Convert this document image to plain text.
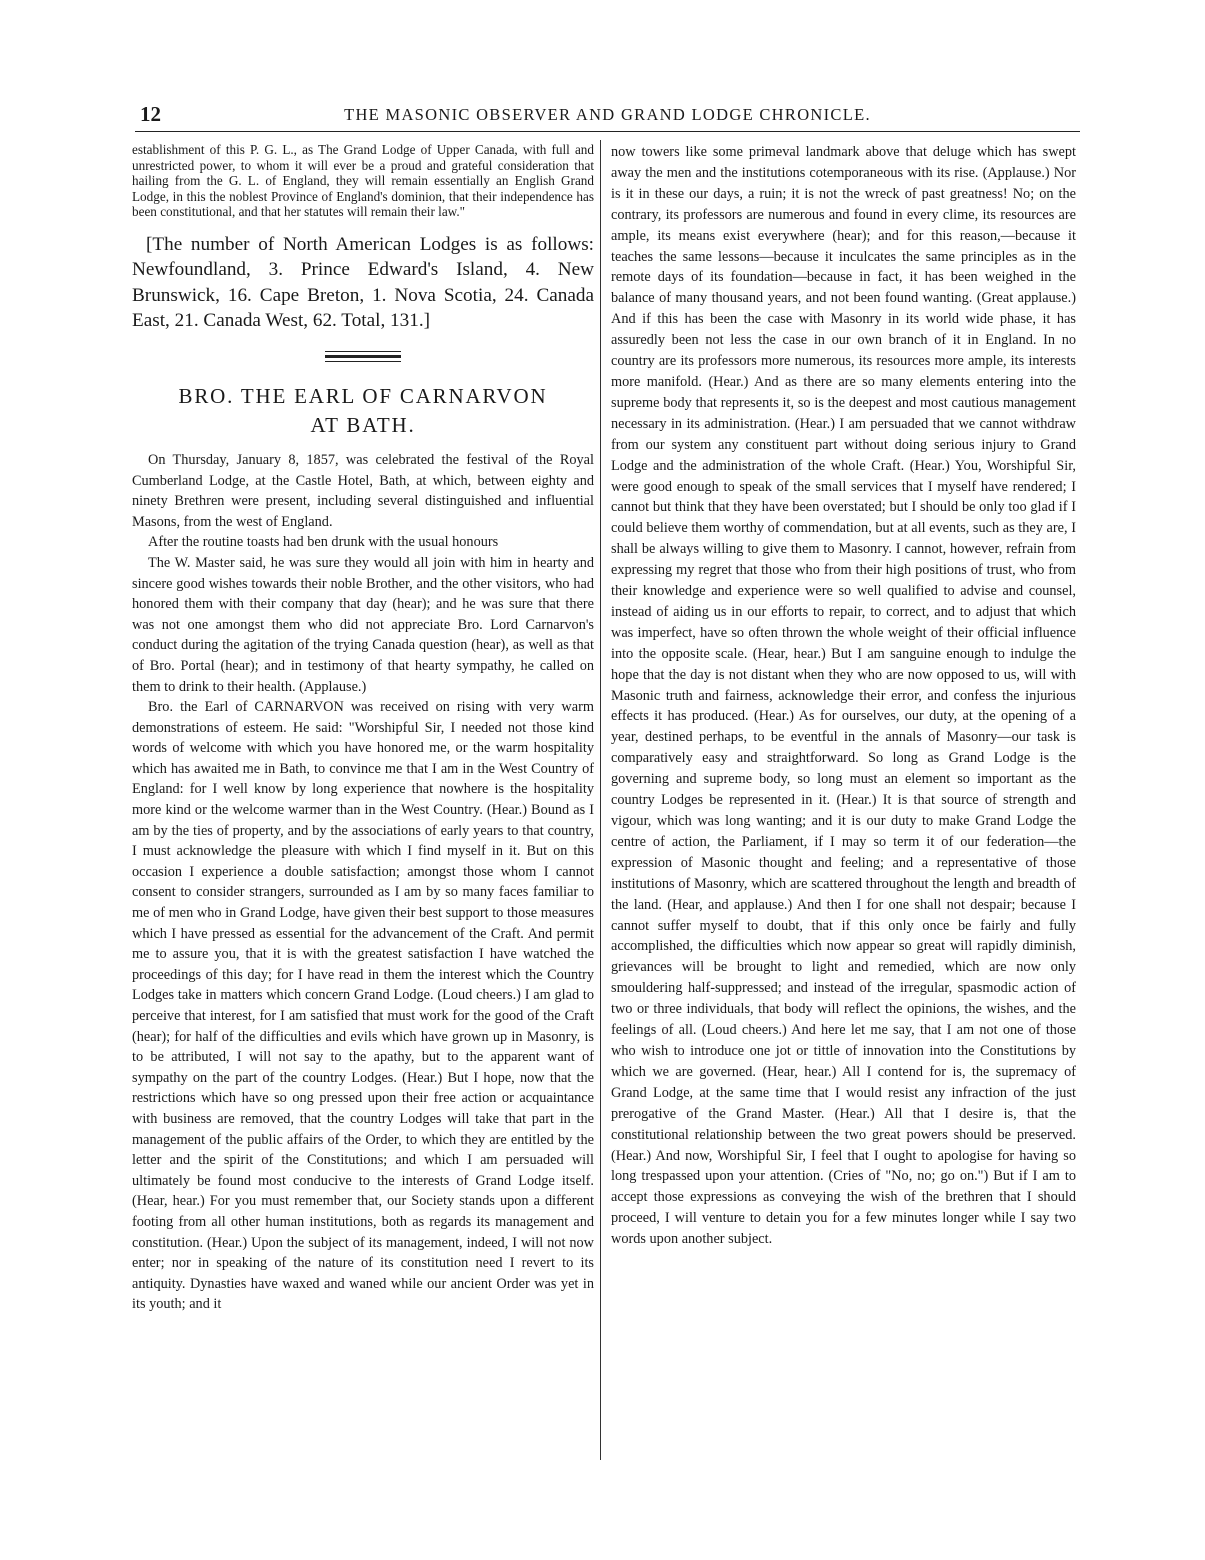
12	THE MASONIC OBSERVER AND GRAND LODGE CHRONICLE.

establishment of this P. G. L., as The Grand Lodge of Upper Canada, with full and unrestricted power, to whom it will ever be a proud and grateful consideration that hailing from the G. L. of England, they will remain essentially an English Grand Lodge, in this the noblest Province of England's dominion, that their independence has been constitutional, and that her statutes will remain their law."

[The number of North American Lodges is as follows: Newfoundland, 3. Prince Edward's Island, 4. New Brunswick, 16. Cape Breton, 1. Nova Scotia, 24. Canada East, 21. Canada West, 62. Total, 131.]

BRO. THE EARL OF CARNARVON
AT BATH.

On Thursday, January 8, 1857, was celebrated the festival of the Royal Cumberland Lodge, at the Castle Hotel, Bath, at which, between eighty and ninety Brethren were present, including several distinguished and influential Masons, from the west of England.

After the routine toasts had ben drunk with the usual honours

The W. Master said, he was sure they would all join with him in hearty and sincere good wishes towards their noble Brother, and the other visitors, who had honored them with their company that day (hear); and he was sure that there was not one amongst them who did not appreciate Bro. Lord Carnarvon's conduct during the agitation of the trying Canada question (hear), as well as that of Bro. Portal (hear); and in testimony of that hearty sympathy, he called on them to drink to their health. (Applause.)

Bro. the Earl of CARNARVON was received on rising with very warm demonstrations of esteem. He said: "Worshipful Sir, I needed not those kind words of welcome with which you have honored me, or the warm hospitality which has awaited me in Bath, to convince me that I am in the West Country of England: for I well know by long experience that nowhere is the hospitality more kind or the welcome warmer than in the West Country. (Hear.) Bound as I am by the ties of property, and by the associations of early years to that country, I must acknowledge the pleasure with which I find myself in it. But on this occasion I experience a double satisfaction; amongst those whom I cannot consent to consider strangers, surrounded as I am by so many faces familiar to me of men who in Grand Lodge, have given their best support to those measures which I have pressed as essential for the advancement of the Craft. And permit me to assure you, that it is with the greatest satisfaction I have watched the proceedings of this day; for I have read in them the interest which the Country Lodges take in matters which concern Grand Lodge. (Loud cheers.) I am glad to perceive that interest, for I am satisfied that must work for the good of the Craft (hear); for half of the difficulties and evils which have grown up in Masonry, is to be attributed, I will not say to the apathy, but to the apparent want of sympathy on the part of the country Lodges. (Hear.) But I hope, now that the restrictions which have so ong pressed upon their free action or acquaintance with business are removed, that the country Lodges will take that part in the management of the public affairs of the Order, to which they are entitled by the letter and the spirit of the Constitutions; and which I am persuaded will ultimately be found most conducive to the interests of Grand Lodge itself. (Hear, hear.) For you must remember that, our Society stands upon a different footing from all other human institutions, both as regards its management and constitution. (Hear.) Upon the subject of its management, indeed, I will not now enter; nor in speaking of the nature of its constitution need I revert to its antiquity. Dynasties have waxed and waned while our ancient Order was yet in its youth; and it

now towers like some primeval landmark above that deluge which has swept away the men and the institutions cotemporaneous with its rise. (Applause.) Nor is it in these our days, a ruin; it is not the wreck of past greatness! No; on the contrary, its professors are numerous and found in every clime, its resources are ample, its means exist everywhere (hear); and for this reason,—because it teaches the same lessons—because it inculcates the same principles as in the remote days of its foundation—because in fact, it has been weighed in the balance of many thousand years, and not been found wanting. (Great applause.) And if this has been the case with Masonry in its world wide phase, it has assuredly been not less the case in our own branch of it in England. In no country are its professors more numerous, its resources more ample, its interests more manifold. (Hear.) And as there are so many elements entering into the supreme body that represents it, so is the deepest and most cautious management necessary in its administration. (Hear.) I am persuaded that we cannot withdraw from our system any constituent part without doing serious injury to Grand Lodge and the administration of the whole Craft. (Hear.) You, Worshipful Sir, were good enough to speak of the small services that I myself have rendered; I cannot but think that they have been overstated; but I should be only too glad if I could believe them worthy of commendation, but at all events, such as they are, I shall be always willing to give them to Masonry. I cannot, however, refrain from expressing my regret that those who from their high positions of trust, who from their knowledge and experience were so well qualified to advise and counsel, instead of aiding us in our efforts to repair, to correct, and to adjust that which was imperfect, have so often thrown the whole weight of their official influence into the opposite scale. (Hear, hear.) But I am sanguine enough to indulge the hope that the day is not distant when they who are now opposed to us, will with Masonic truth and fairness, acknowledge their error, and confess the injurious effects it has produced. (Hear.) As for ourselves, our duty, at the opening of a year, destined perhaps, to be eventful in the annals of Masonry—our task is comparatively easy and straightforward. So long as Grand Lodge is the governing and supreme body, so long must an element so important as the country Lodges be represented in it. (Hear.) It is that source of strength and vigour, which was long wanting; and it is our duty to make Grand Lodge the centre of action, the Parliament, if I may so term it of our federation—the expression of Masonic thought and feeling; and a representative of those institutions of Masonry, which are scattered throughout the length and breadth of the land. (Hear, and applause.) And then I for one shall not despair; because I cannot suffer myself to doubt, that if this only once be fairly and fully accomplished, the difficulties which now appear so great will rapidly diminish, grievances will be brought to light and remedied, which are now only smouldering half-suppressed; and instead of the irregular, spasmodic action of two or three individuals, that body will reflect the opinions, the wishes, and the feelings of all. (Loud cheers.) And here let me say, that I am not one of those who wish to introduce one jot or tittle of innovation into the Constitutions by which we are governed. (Hear, hear.) All I contend for is, the supremacy of Grand Lodge, at the same time that I would resist any infraction of the just prerogative of the Grand Master. (Hear.) All that I desire is, that the constitutional relationship between the two great powers should be preserved. (Hear.) And now, Worshipful Sir, I feel that I ought to apologise for having so long trespassed upon your attention. (Cries of "No, no; go on.") But if I am to accept those expressions as conveying the wish of the brethren that I should proceed, I will venture to detain you for a few minutes longer while I say two words upon another subject.
